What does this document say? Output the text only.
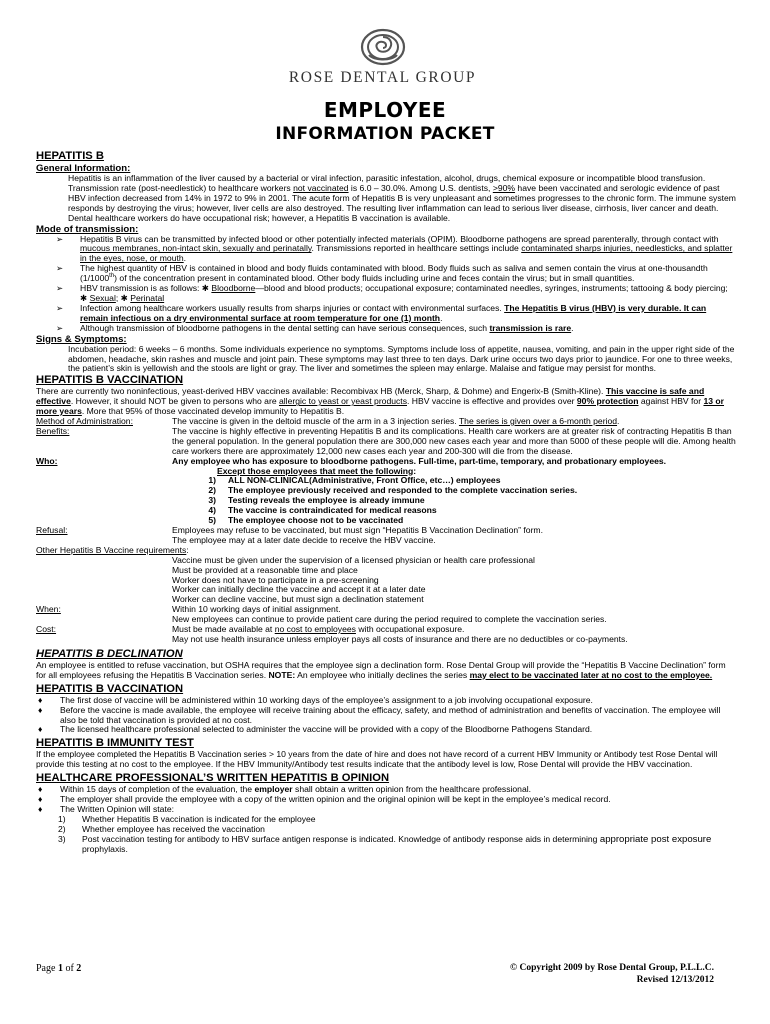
ROSE DENTAL GROUP
EMPLOYEE
INFORMATION PACKET
HEPATITIS B
General Information:
Hepatitis is an inflammation of the liver caused by a bacterial or viral infection, parasitic infestation, alcohol, drugs, chemical exposure or incompatible blood transfusion. Transmission rate (post-needlestick) to healthcare workers not vaccinated is 6.0 – 30.0%. Among U.S. dentists, >90% have been vaccinated and serologic evidence of past HBV infection decreased from 14% in 1972 to 9% in 2001. The acute form of Hepatitis B is very unpleasant and sometimes progresses to the chronic form. The immune system responds by destroying the virus; however, liver cells are also destroyed. The resulting liver inflammation can lead to serious liver disease, cirrhosis, liver cancer and death. Dental healthcare workers do have occupational risk; however, a Hepatitis B vaccination is available.
Mode of transmission:
➢	Hepatitis B virus can be transmitted by infected blood or other potentially infected materials (OPIM). Bloodborne pathogens are spread parenterally, through contact with mucous membranes, non-intact skin, sexually and perinatally. Transmissions reported in healthcare settings include contaminated sharps injuries, needlesticks, and splatter in the eyes, nose, or mouth.
➢	The highest quantity of HBV is contained in blood and body fluids contaminated with blood. Body fluids such as saliva and semen contain the virus at one-thousandth (1/1000th) of the concentration present in contaminated blood. Other body fluids including urine and feces contain the virus; but in small quantities.
➢	HBV transmission is as follows: ✱ Bloodborne—blood and blood products; occupational exposure; contaminated needles, syringes, instruments; tattooing & body piercing; ✱ Sexual; ✱ Perinatal
➢	Infection among healthcare workers usually results from sharps injuries or contact with environmental surfaces. The Hepatitis B virus (HBV) is very durable. It can remain infectious on a dry environmental surface at room temperature for one (1) month.
➢	Although transmission of bloodborne pathogens in the dental setting can have serious consequences, such transmission is rare.
Signs & Symptoms:
Incubation period: 6 weeks – 6 months. Some individuals experience no symptoms. Symptoms include loss of appetite, nausea, vomiting, and pain in the upper right side of the abdomen, headache, skin rashes and muscle and joint pain. These symptoms may last three to ten days. Dark urine occurs two days prior to jaundice. For one to three weeks, the patient’s skin is yellowish and the stools are light or gray. The liver and sometimes the spleen may enlarge. Malaise and fatigue may persist for months.
HEPATITIS B VACCINATION
There are currently two noninfectious, yeast-derived HBV vaccines available: Recombivax HB (Merck, Sharp, & Dohme) and Engerix-B (Smith-Kline). This vaccine is safe and effective. However, it should NOT be given to persons who are allergic to yeast or yeast products. HBV vaccine is effective and provides over 90% protection against HBV for 13 or more years. More that 95% of those vaccinated develop immunity to Hepatitis B.
Method of Administration:	The vaccine is given in the deltoid muscle of the arm in a 3 injection series. The series is given over a 6-month period.
Benefits:	The vaccine is highly effective in preventing Hepatitis B and its complications. Health care workers are at greater risk of contracting Hepatitis B than the general population. In the general population there are 300,000 new cases each year and more than 5000 of these people will die. Among health care workers there are approximately 12,000 new cases each year and 200-300 will die from the disease.
Who:	Any employee who has exposure to bloodborne pathogens. Full-time, part-time, temporary, and probationary employees.
Except those employees that meet the following:
1)	ALL NON-CLINICAL(Administrative, Front Office, etc…) employees
2)	The employee previously received and responded to the complete vaccination series.
3)	Testing reveals the employee is already immune
4)	The vaccine is contraindicated for medical reasons
5)	The employee choose not to be vaccinated
Refusal:	Employees may refuse to be vaccinated, but must sign “Hepatitis B Vaccination Declination” form.
The employee may at a later date decide to receive the HBV vaccine.
Other Hepatitis B Vaccine requirements:
Vaccine must be given under the supervision of a licensed physician or health care professional
Must be provided at a reasonable time and place
Worker does not have to participate in a pre-screening
Worker can initially decline the vaccine and accept it at a later date
Worker can decline vaccine, but must sign a declination statement
When:	Within 10 working days of initial assignment.
New employees can continue to provide patient care during the period required to complete the vaccination series.
Cost:	Must be made available at no cost to employees with occupational exposure.
May not use health insurance unless employer pays all costs of insurance and there are no deductibles or co-payments.
HEPATITIS B DECLINATION
An employee is entitled to refuse vaccination, but OSHA requires that the employee sign a declination form. Rose Dental Group will provide the “Hepatitis B Vaccine Declination” form for all employees refusing the Hepatitis B Vaccination series. NOTE: An employee who initially declines the series may elect to be vaccinated later at no cost to the employee.
HEPATITIS B VACCINATION
♦	The first dose of vaccine will be administered within 10 working days of the employee’s assignment to a job involving occupational exposure.
♦	Before the vaccine is made available, the employee will receive training about the efficacy, safety, and method of administration and benefits of vaccination. The employee will also be told that vaccination is provided at no cost.
♦	The licensed healthcare professional selected to administer the vaccine will be provided with a copy of the Bloodborne Pathogens Standard.
HEPATITIS B IMMUNITY TEST
If the employee completed the Hepatitis B Vaccination series > 10 years from the date of hire and does not have record of a current HBV Immunity or Antibody test Rose Dental will provide this testing at no cost to the employee. If the HBV Immunity/Antibody test results indicate that the antibody level is low, Rose Dental will provide the HBV vaccination.
HEALTHCARE PROFESSIONAL’S WRITTEN HEPATITIS B OPINION
♦	Within 15 days of completion of the evaluation, the employer shall obtain a written opinion from the healthcare professional.
♦	The employer shall provide the employee with a copy of the written opinion and the original opinion will be kept in the employee’s medical record.
♦	The Written Opinion will state:
1)	Whether Hepatitis B vaccination is indicated for the employee
2)	Whether employee has received the vaccination
3)	Post vaccination testing for antibody to HBV surface antigen response is indicated. Knowledge of antibody response aids in determining appropriate post exposure prophylaxis.
Page 1 of 2	© Copyright 2009 by Rose Dental Group, P.L.L.C.
Revised 12/13/2012
